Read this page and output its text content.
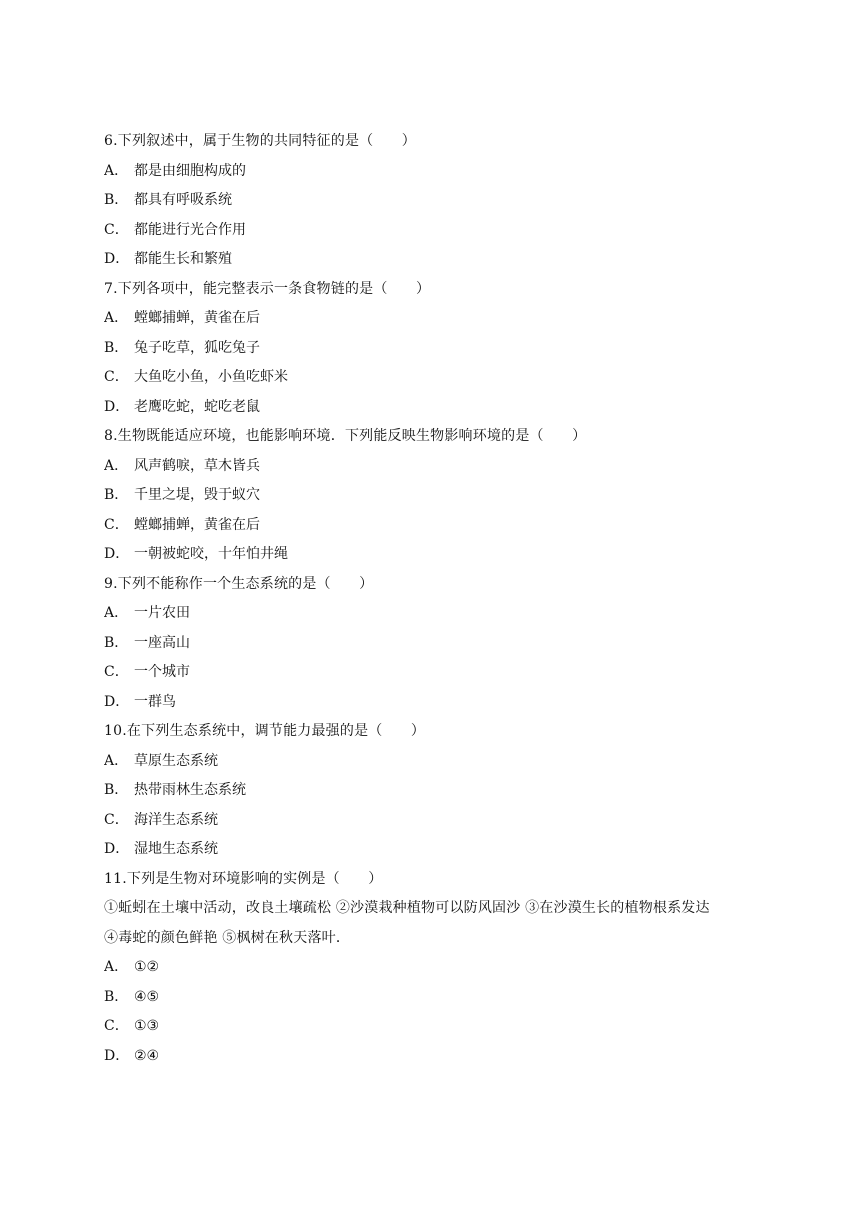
6.下列叙述中，属于生物的共同特征的是（　　）
A． 都是由细胞构成的
B． 都具有呼吸系统
C． 都能进行光合作用
D． 都能生长和繁殖
7.下列各项中，能完整表示一条食物链的是（　　）
A． 螳螂捕蝉，黄雀在后
B． 兔子吃草，狐吃兔子
C． 大鱼吃小鱼，小鱼吃虾米
D． 老鹰吃蛇，蛇吃老鼠
8.生物既能适应环境，也能影响环境．下列能反映生物影响环境的是（　　）
A． 风声鹤唳，草木皆兵
B． 千里之堤，毁于蚁穴
C． 螳螂捕蝉，黄雀在后
D． 一朝被蛇咬，十年怕井绳
9.下列不能称作一个生态系统的是（　　）
A． 一片农田
B． 一座高山
C． 一个城市
D． 一群鸟
10.在下列生态系统中，调节能力最强的是（　　）
A． 草原生态系统
B． 热带雨林生态系统
C． 海洋生态系统
D． 湿地生态系统
11.下列是生物对环境影响的实例是（　　）
①蚯蚓在土壤中活动，改良土壤疏松 ②沙漠栽种植物可以防风固沙 ③在沙漠生长的植物根系发达
④毒蛇的颜色鲜艳 ⑤枫树在秋天落叶．
A． ①②
B． ④⑤
C． ①③
D． ②④
